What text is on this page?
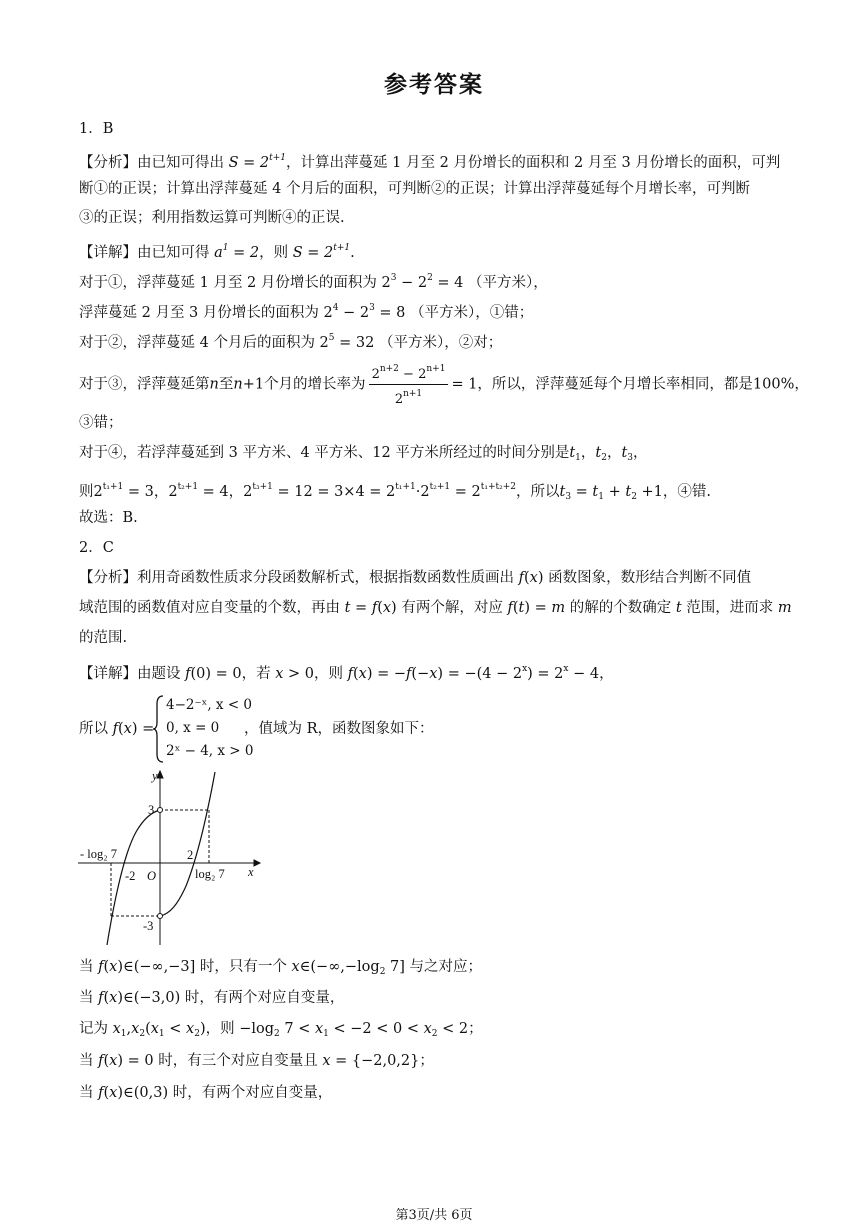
参考答案
1．B
【分析】由已知可得出 $S = 2^{t+1}$，计算出萍蔓延 1 月至 2 月份增长的面积和 2 月至 3 月份增长的面积，可判
断①的正误；计算出浮萍蔓延 4 个月后的面积，可判断②的正误；计算出浮萍蔓延每个月增长率，可判断
③的正误；利用指数运算可判断④的正误.
【详解】由已知可得 $a^1 = 2$，则 $S = 2^{t+1}$.
对于①，浮萍蔓延 1 月至 2 月份增长的面积为 $2^3 - 2^2 = 4$ （平方米），
浮萍蔓延 2 月至 3 月份增长的面积为 $2^4 - 2^3 = 8$ （平方米），①错；
对于②，浮萍蔓延 4 个月后的面积为 $2^5 = 32$ （平方米），②对；
对于③，浮萍蔓延第n至n+1个月的增长率为 $\frac{2^{n+2} - 2^{n+1}}{2^{n+1}} = 1$，所以，浮萍蔓延每个月增长率相同，都是100%，
③错；
对于④，若浮萍蔓延到 3 平方米、4 平方米、12 平方米所经过的时间分别是$t_1$，$t_2$，$t_3$，
则$2^{t_1+1} = 3$，$2^{t_2+1} = 4$，$2^{t_3+1} = 12 = 3\times 4 = 2^{t_1+1}\cdot 2^{t_2+1} = 2^{t_1+t_2+2}$，所以$t_3 = t_1 + t_2 +1$，④错.
故选：B.
2．C
【分析】利用奇函数性质求分段函数解析式，根据指数函数性质画出 f(x) 函数图象，数形结合判断不同值
域范围的函数值对应自变量的个数，再由 t = f(x) 有两个解，对应 f(t) = m 的解的个数确定 t 范围，进而求 m
的范围.
【详解】由题设 f(0) = 0，若 x > 0，则 $f(x) = -f(-x) = -(4 - 2^x) = 2^x - 4$，
所以 f(x) =
4−2⁻ˣ, x < 0
0, x = 0
2ˣ − 4, x > 0
，值域为 R，函数图象如下：
y
x
O
3
-3
2
-2	log₂ 7
- log₂ 7
当 f(x)∈(−∞,−3] 时，只有一个 $x\in(-\infty,-\log_2$ 7] 与之对应；
当 f(x)∈(−3,0) 时，有两个对应自变量，
记为 $x_1,x_2(x_1 < x_2)$，则 $-\log_2$ $7 < x_1 < -2 < 0 < x_2 < 2$；
当 f(x) = 0 时，有三个对应自变量且 x = {−2,0,2}；
当 f(x)∈(0,3) 时，有两个对应自变量，
第3页/共 6页
